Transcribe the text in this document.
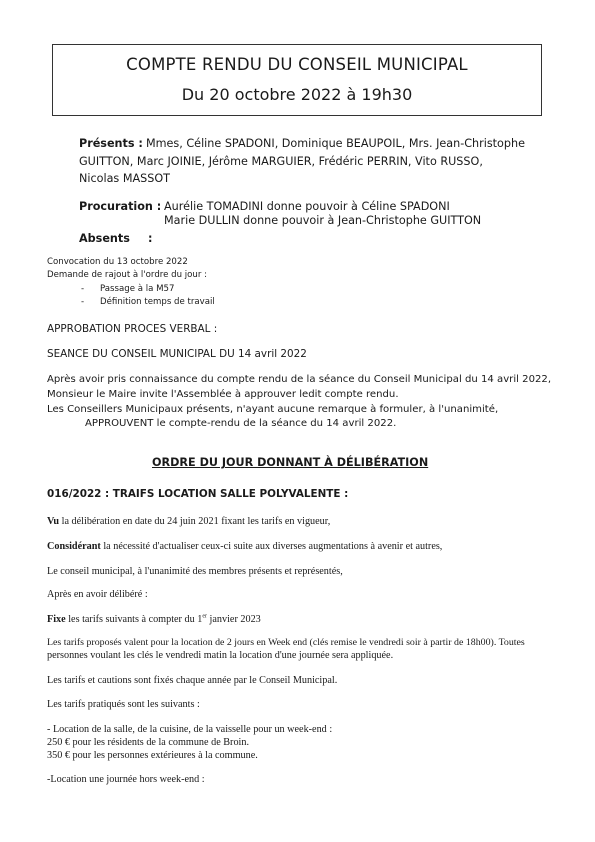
COMPTE RENDU DU CONSEIL MUNICIPAL
Du 20 octobre 2022 à 19h30
Présents : Mmes, Céline SPADONI, Dominique BEAUPOIL, Mrs. Jean-Christophe
GUITTON, Marc JOINIE, Jérôme MARGUIER, Frédéric PERRIN, Vito RUSSO,
Nicolas MASSOT
Procuration : Aurélie TOMADINI donne pouvoir à Céline SPADONI
Marie DULLIN donne pouvoir à Jean-Christophe GUITTON
Absents :
Convocation du 13 octobre 2022
Demande de rajout à l'ordre du jour :
- Passage à la M57
- Définition temps de travail
APPROBATION PROCES VERBAL :
SEANCE DU CONSEIL MUNICIPAL DU 14 avril 2022
Après avoir pris connaissance du compte rendu de la séance du Conseil Municipal du 14 avril 2022,
Monsieur le Maire invite l'Assemblée à approuver ledit compte rendu.
Les Conseillers Municipaux présents, n'ayant aucune remarque à formuler, à l'unanimité,
APPROUVENT le compte-rendu de la séance du 14 avril 2022.
ORDRE DU JOUR DONNANT À DÉLIBÉRATION
016/2022 : TRAIFS LOCATION SALLE POLYVALENTE :
Vu la délibération en date du 24 juin 2021 fixant les tarifs en vigueur,
Considérant la nécessité d'actualiser ceux-ci suite aux diverses augmentations à avenir et autres,
Le conseil municipal, à l'unanimité des membres présents et représentés,
Après en avoir délibéré :
Fixe les tarifs suivants à compter du 1er janvier 2023
Les tarifs proposés valent pour la location de 2 jours en Week end (clés remise le vendredi soir à partir de 18h00). Toutes
personnes voulant les clés le vendredi matin la location d'une journée sera appliquée.
Les tarifs et cautions sont fixés chaque année par le Conseil Municipal.
Les tarifs pratiqués sont les suivants :
- Location de la salle, de la cuisine, de la vaisselle pour un week-end :
250 € pour les résidents de la commune de Broin.
350 € pour les personnes extérieures à la commune.
-Location une journée hors week-end :
